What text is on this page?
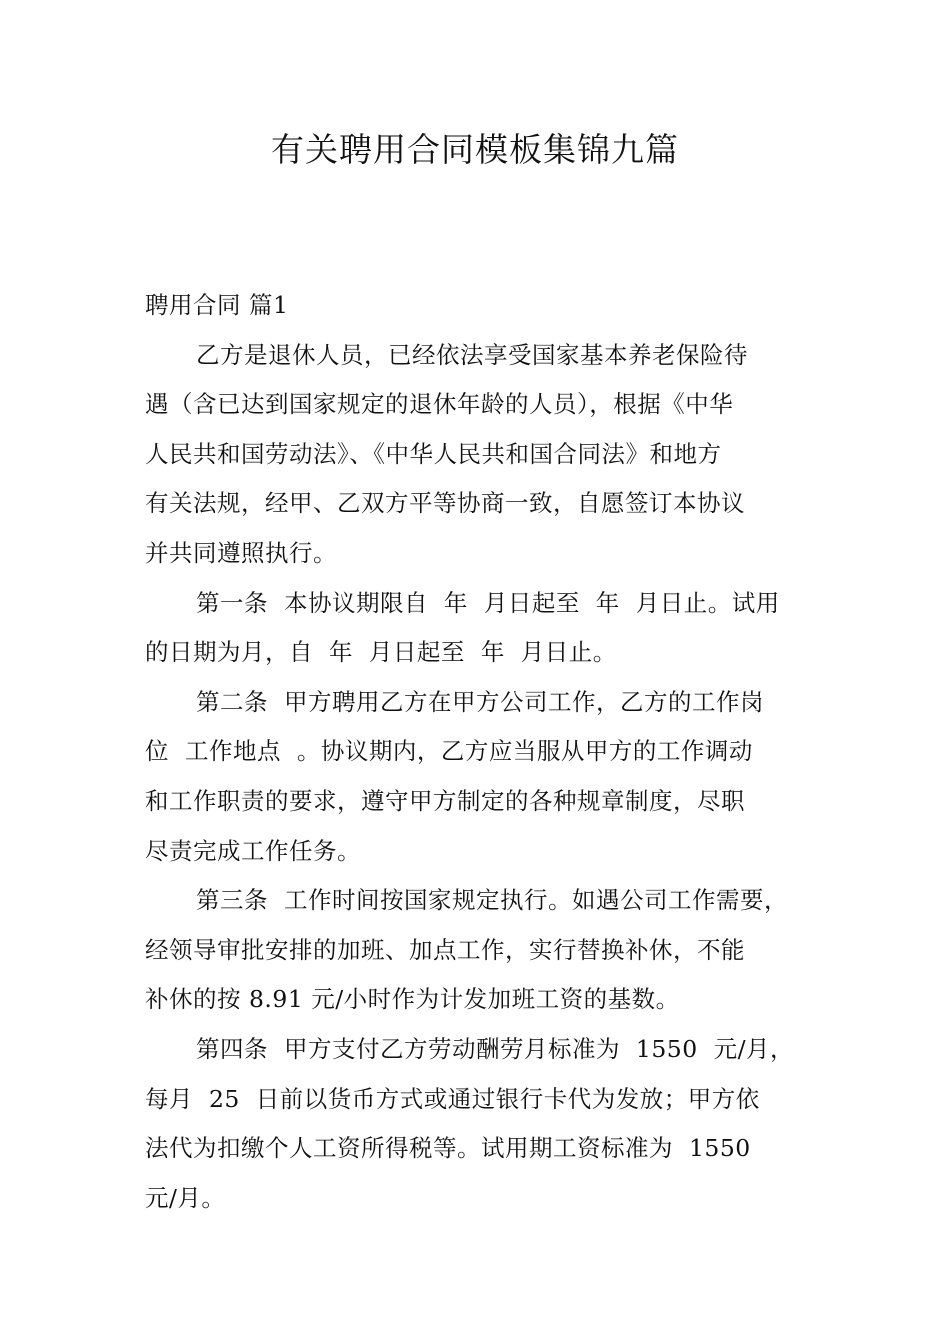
有关聘用合同模板集锦九篇

聘用合同 篇1

乙方是退休人员，已经依法享受国家基本养老保险待
遇（含已达到国家规定的退休年龄的人员），根据《中华
人民共和国劳动法》、《中华人民共和国合同法》和地方
有关法规，经甲、乙双方平等协商一致，自愿签订本协议
并共同遵照执行。

第一条  本协议期限自  年  月日起至  年  月日止。试用
的日期为月，自  年  月日起至  年  月日止。

第二条  甲方聘用乙方在甲方公司工作，乙方的工作岗
位  工作地点  。协议期内，乙方应当服从甲方的工作调动
和工作职责的要求，遵守甲方制定的各种规章制度，尽职
尽责完成工作任务。

第三条  工作时间按国家规定执行。如遇公司工作需要，
经领导审批安排的加班、加点工作，实行替换补休，不能
补休的按 8.91 元/小时作为计发加班工资的基数。

第四条  甲方支付乙方劳动酬劳月标准为  1550  元/月，
每月  25  日前以货币方式或通过银行卡代为发放；甲方依
法代为扣缴个人工资所得税等。试用期工资标准为  1550
元/月。
